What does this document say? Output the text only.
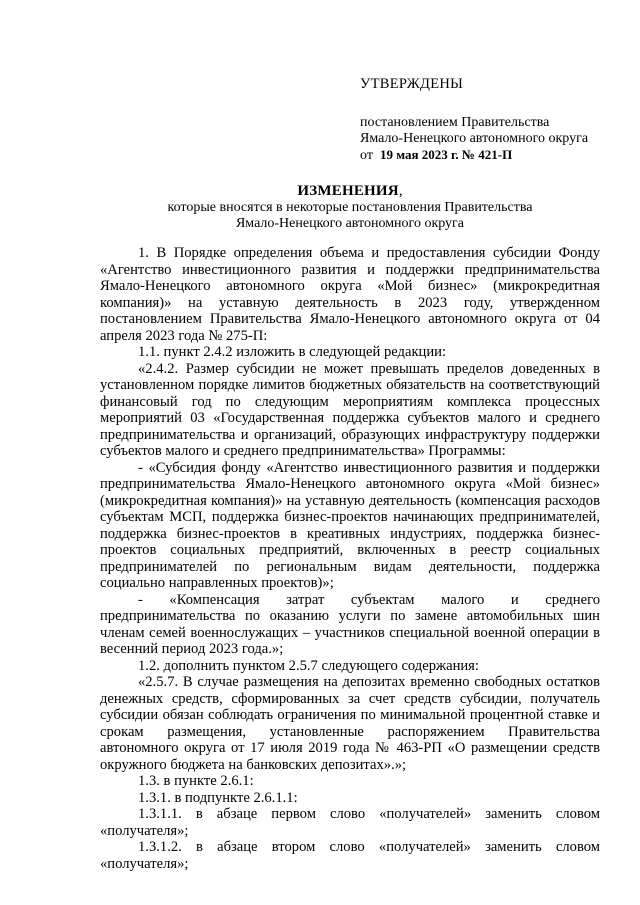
УТВЕРЖДЕНЫ
постановлением Правительства
Ямало-Ненецкого автономного округа
от 19 мая 2023 г. № 421-П
ИЗМЕНЕНИЯ,
которые вносятся в некоторые постановления Правительства
Ямало-Ненецкого автономного округа

1. В Порядке определения объема и предоставления субсидии Фонду «Агентство инвестиционного развития и поддержки предпринимательства Ямало-Ненецкого автономного округа «Мой бизнес» (микрокредитная компания)» на уставную деятельность в 2023 году, утвержденном постановлением Правительства Ямало-Ненецкого автономного округа от 04 апреля 2023 года № 275-П:

1.1. пункт 2.4.2 изложить в следующей редакции:

«2.4.2. Размер субсидии не может превышать пределов доведенных в установленном порядке лимитов бюджетных обязательств на соответствующий финансовый год по следующим мероприятиям комплекса процессных мероприятий 03 «Государственная поддержка субъектов малого и среднего предпринимательства и организаций, образующих инфраструктуру поддержки субъектов малого и среднего предпринимательства» Программы:

- «Субсидия фонду «Агентство инвестиционного развития и поддержки предпринимательства Ямало-Ненецкого автономного округа «Мой бизнес» (микрокредитная компания)» на уставную деятельность (компенсация расходов субъектам МСП, поддержка бизнес-проектов начинающих предпринимателей, поддержка бизнес-проектов в креативных индустриях, поддержка бизнес-проектов социальных предприятий, включенных в реестр социальных предпринимателей по региональным видам деятельности, поддержка социально направленных проектов)»;

- «Компенсация затрат субъектам малого и среднего предпринимательства по оказанию услуги по замене автомобильных шин членам семей военнослужащих – участников специальной военной операции в весенний период 2023 года.»;

1.2. дополнить пунктом 2.5.7 следующего содержания:

«2.5.7. В случае размещения на депозитах временно свободных остатков денежных средств, сформированных за счет средств субсидии, получатель субсидии обязан соблюдать ограничения по минимальной процентной ставке и срокам размещения, установленные распоряжением Правительства автономного округа от 17 июля 2019 года № 463-РП «О размещении средств окружного бюджета на банковских депозитах».»;

1.3. в пункте 2.6.1:

1.3.1. в подпункте 2.6.1.1:

1.3.1.1. в абзаце первом слово «получателей» заменить словом «получателя»;

1.3.1.2. в абзаце втором слово «получателей» заменить словом «получателя»;
